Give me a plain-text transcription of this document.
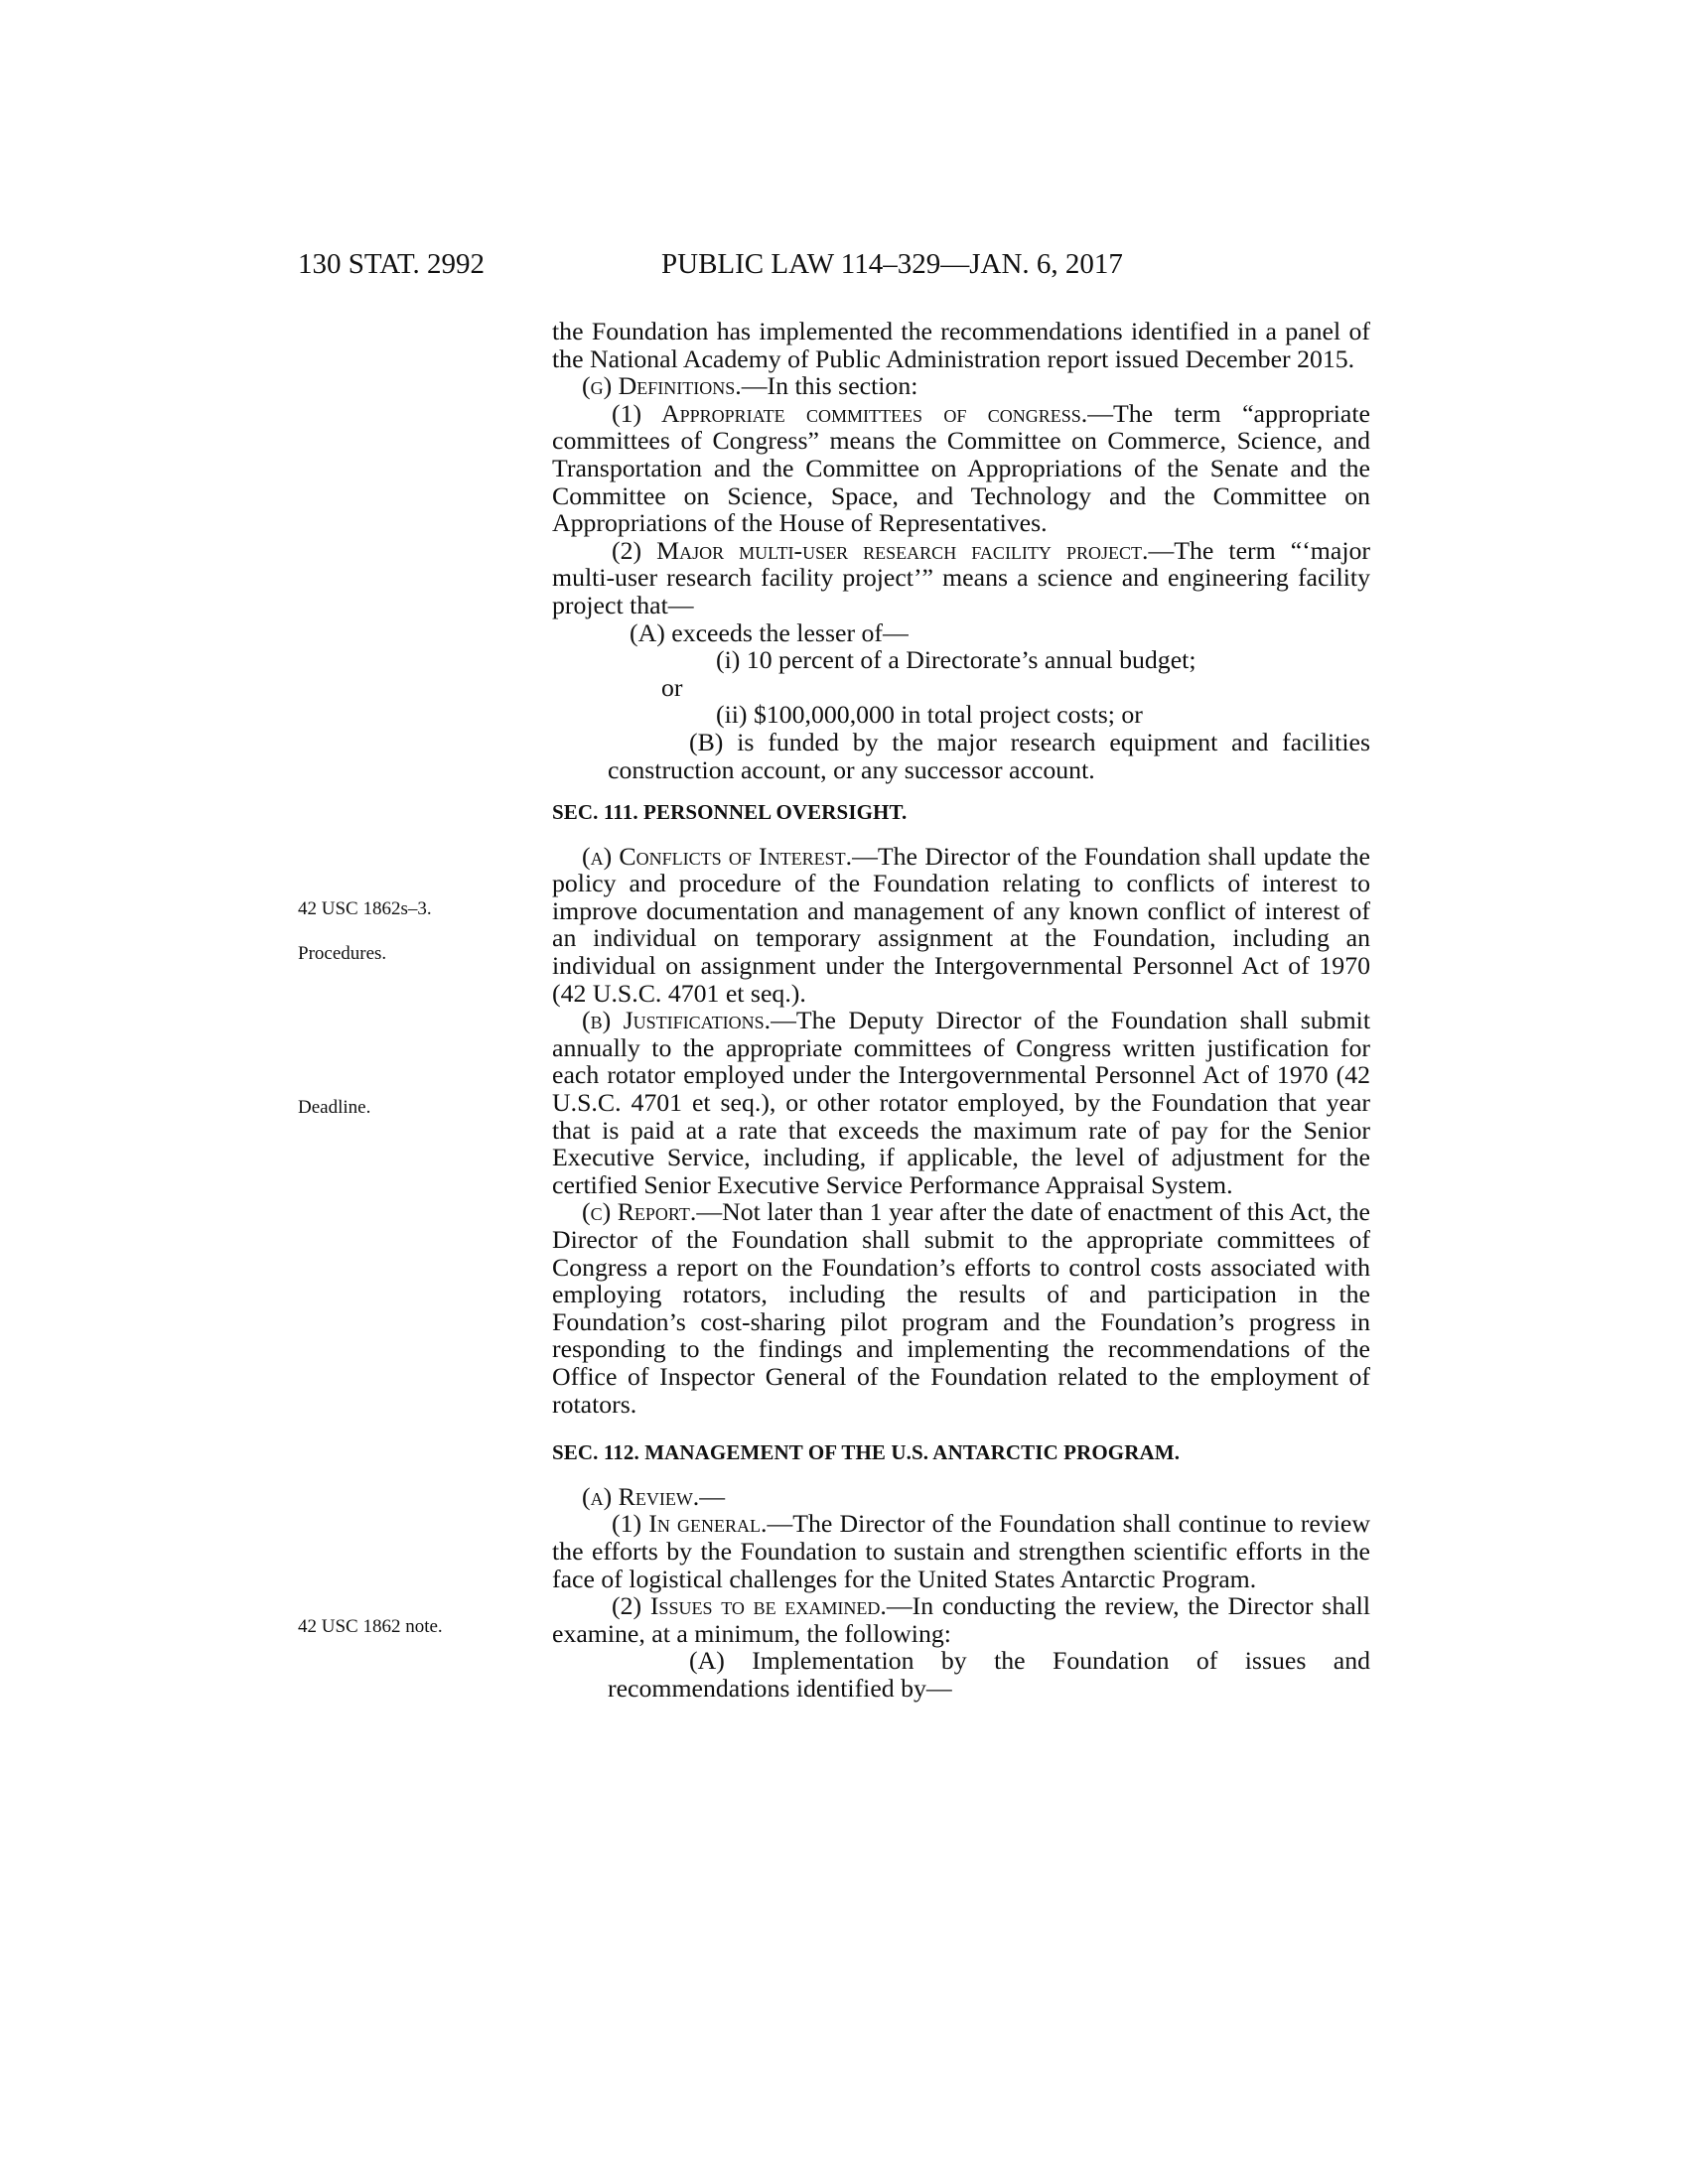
130 STAT. 2992	PUBLIC LAW 114–329—JAN. 6, 2017
42 USC 1862s–3.
Procedures.
Deadline.
42 USC 1862 note.
the Foundation has implemented the recommendations identified in a panel of the National Academy of Public Administration report issued December 2015.
(g) Definitions.—In this section:
(1) Appropriate committees of congress.—The term “appropriate committees of Congress” means the Committee on Commerce, Science, and Transportation and the Committee on Appropriations of the Senate and the Committee on Science, Space, and Technology and the Committee on Appropriations of the House of Representatives.
(2) Major multi-user research facility project.—The term “‘major multi-user research facility project’” means a science and engineering facility project that—
(A) exceeds the lesser of—
(i) 10 percent of a Directorate’s annual budget;
or
(ii) $100,000,000 in total project costs; or
(B) is funded by the major research equipment and facilities construction account, or any successor account.
SEC. 111. PERSONNEL OVERSIGHT.
(a) Conflicts of Interest.—The Director of the Foundation shall update the policy and procedure of the Foundation relating to conflicts of interest to improve documentation and management of any known conflict of interest of an individual on temporary assignment at the Foundation, including an individual on assignment under the Intergovernmental Personnel Act of 1970 (42 U.S.C. 4701 et seq.).
(b) Justifications.—The Deputy Director of the Foundation shall submit annually to the appropriate committees of Congress written justification for each rotator employed under the Intergovernmental Personnel Act of 1970 (42 U.S.C. 4701 et seq.), or other rotator employed, by the Foundation that year that is paid at a rate that exceeds the maximum rate of pay for the Senior Executive Service, including, if applicable, the level of adjustment for the certified Senior Executive Service Performance Appraisal System.
(c) Report.—Not later than 1 year after the date of enactment of this Act, the Director of the Foundation shall submit to the appropriate committees of Congress a report on the Foundation’s efforts to control costs associated with employing rotators, including the results of and participation in the Foundation’s cost-sharing pilot program and the Foundation’s progress in responding to the findings and implementing the recommendations of the Office of Inspector General of the Foundation related to the employment of rotators.
SEC. 112. MANAGEMENT OF THE U.S. ANTARCTIC PROGRAM.
(a) Review.—
(1) In general.—The Director of the Foundation shall continue to review the efforts by the Foundation to sustain and strengthen scientific efforts in the face of logistical challenges for the United States Antarctic Program.
(2) Issues to be examined.—In conducting the review, the Director shall examine, at a minimum, the following:
(A) Implementation by the Foundation of issues and recommendations identified by—
